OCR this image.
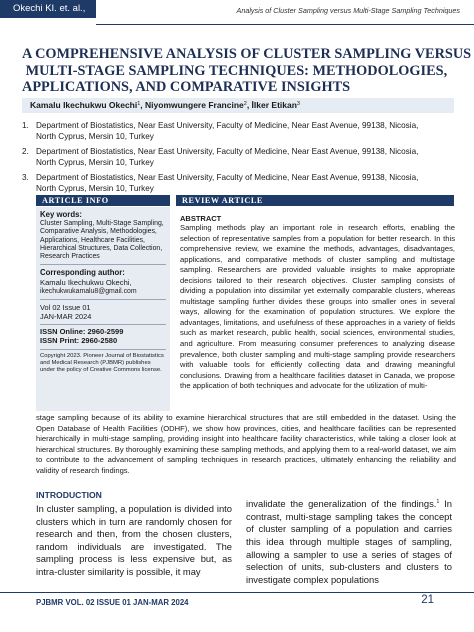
Okechi KI. et. al.,	Analysis of Cluster Sampling versus Multi-Stage Sampling Techniques
A COMPREHENSIVE ANALYSIS OF CLUSTER SAMPLING VERSUS
MULTI-STAGE SAMPLING TECHNIQUES: METHODOLOGIES,
APPLICATIONS, AND COMPARATIVE INSIGHTS
Kamalu Ikechukwu Okechi$^1$, Niyomwungere Francine$^2$, İlker Etikan$^3$
1. Department of Biostatistics, Near East University, Faculty of Medicine, Near East Avenue, 99138, Nicosia, North Cyprus, Mersin 10, Turkey
2. Department of Biostatistics, Near East University, Faculty of Medicine, Near East Avenue, 99138, Nicosia, North Cyprus, Mersin 10, Turkey
3. Department of Biostatistics, Near East University, Faculty of Medicine, Near East Avenue, 99138, Nicosia, North Cyprus, Mersin 10, Turkey
ARTICLE INFO	REVIEW ARTICLE
Key words:
Cluster Sampling, Multi-Stage Sampling, Comparative Analysis, Methodologies, Applications, Healthcare Facilities, Hierarchical Structures, Data Collection, Research Practices
Corresponding author:
Kamalu Ikechukwu Okechi,
ikechukwukamalu8@gmail.com
Vol 02 Issue 01
JAN-MAR 2024
ISSN Online: 2960-2599
ISSN Print: 2960-2580
Copyright 2023. Pioneer Journal of Biostatistics and Medical Research (PJBMR) publishes under the policy of Creative Commons license.
ABSTRACT
Sampling methods play an important role in research efforts, enabling the selection of representative samples from a population for better research. In this comprehensive review, we examine the methods, advantages, disadvantages, applications, and comparative methods of cluster sampling and multistage sampling. Researchers are provided valuable insights to make appropriate decisions tailored to their research objectives. Cluster sampling consists of dividing a population into dissimilar yet externally comparable clusters, whereas multistage sampling further divides these groups into smaller ones in several ways, allowing for the examination of population structures. We explore the advantages, limitations, and usefulness of these approaches in a variety of fields such as market research, public health, social sciences, environmental studies, and agriculture. From measuring consumer preferences to analyzing disease prevalence, both cluster sampling and multi-stage sampling provide researchers with valuable tools for efficiently collecting data and drawing meaningful conclusions. Drawing from a healthcare facilities dataset in Canada, we propose the application of both techniques and advocate for the utilization of multi-
stage sampling because of its ability to examine hierarchical structures that are still embedded in the dataset. Using the Open Database of Health Facilities (ODHF), we show how provinces, cities, and healthcare facilities can be represented hierarchically in multi-stage sampling, providing insight into healthcare facility characteristics, while taking a closer look at hierarchical structures. By thoroughly examining these sampling methods, and applying them to a real-world dataset, we aim to contribute to the advancement of sampling techniques in research practices, ultimately enhancing the reliability and validity of research findings.
INTRODUCTION
In cluster sampling, a population is divided into clusters which in turn are randomly chosen for research and then, from the chosen clusters, random individuals are investigated. The sampling process is less expensive but, as intra-cluster similarity is possible, it may
invalidate the generalization of the findings.$^1$ In contrast, multi-stage sampling takes the concept of cluster sampling of a population and carries this idea through multiple stages of sampling, allowing a sampler to use a series of stages of selection of units, sub-clusters and clusters to investigate complex populations
PJBMR VOL. 02 ISSUE 01 JAN-MAR 2024	21
